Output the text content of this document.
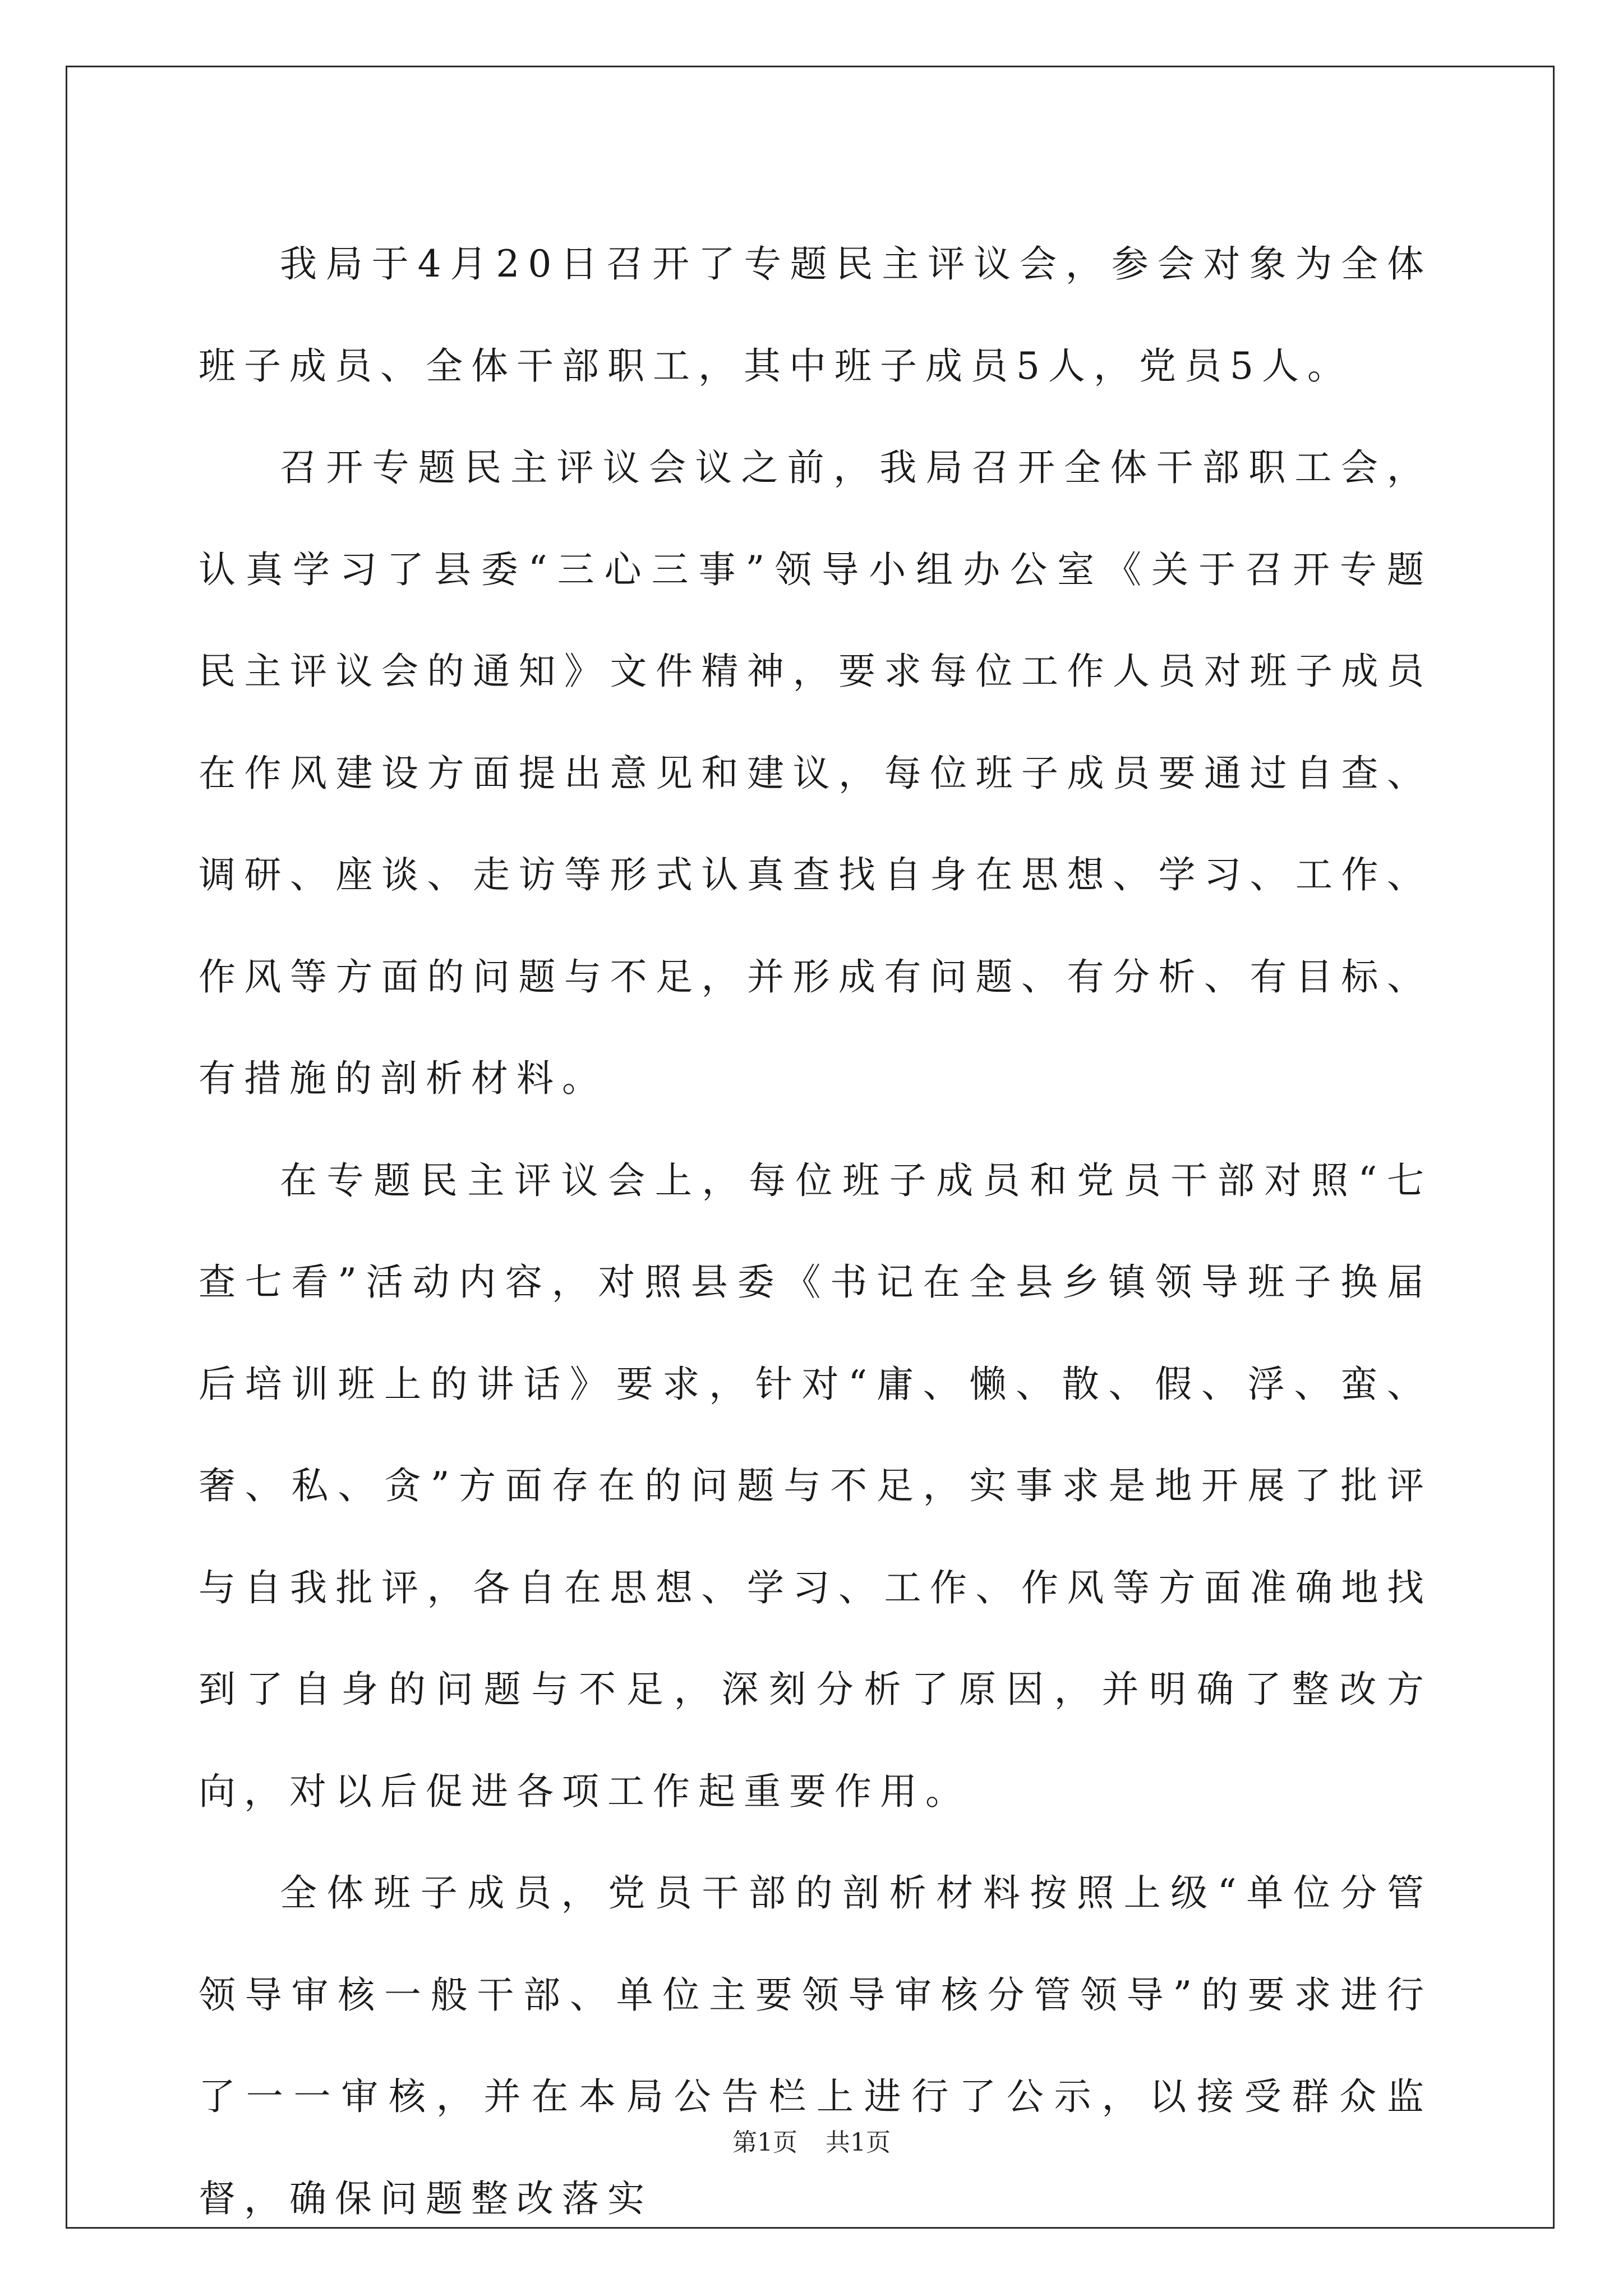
我局于4月20日召开了专题民主评议会，参会对象为全体班子成员、全体干部职工，其中班子成员5人，党员5人。

召开专题民主评议会议之前，我局召开全体干部职工会，认真学习了县委“三心三事”领导小组办公室《关于召开专题民主评议会的通知》文件精神，要求每位工作人员对班子成员在作风建设方面提出意见和建议，每位班子成员要通过自查、调研、座谈、走访等形式认真查找自身在思想、学习、工作、作风等方面的问题与不足，并形成有问题、有分析、有目标、有措施的剖析材料。

在专题民主评议会上，每位班子成员和党员干部对照“七查七看”活动内容，对照县委《书记在全县乡镇领导班子换届后培训班上的讲话》要求，针对“庸、懒、散、假、浮、蛮、奢、私、贪”方面存在的问题与不足，实事求是地开展了批评与自我批评，各自在思想、学习、工作、作风等方面准确地找到了自身的问题与不足，深刻分析了原因，并明确了整改方向，对以后促进各项工作起重要作用。

全体班子成员，党员干部的剖析材料按照上级“单位分管领导审核一般干部、单位主要领导审核分管领导”的要求进行了一一审核，并在本局公告栏上进行了公示，以接受群众监督，确保问题整改落实

第1页 共1页
